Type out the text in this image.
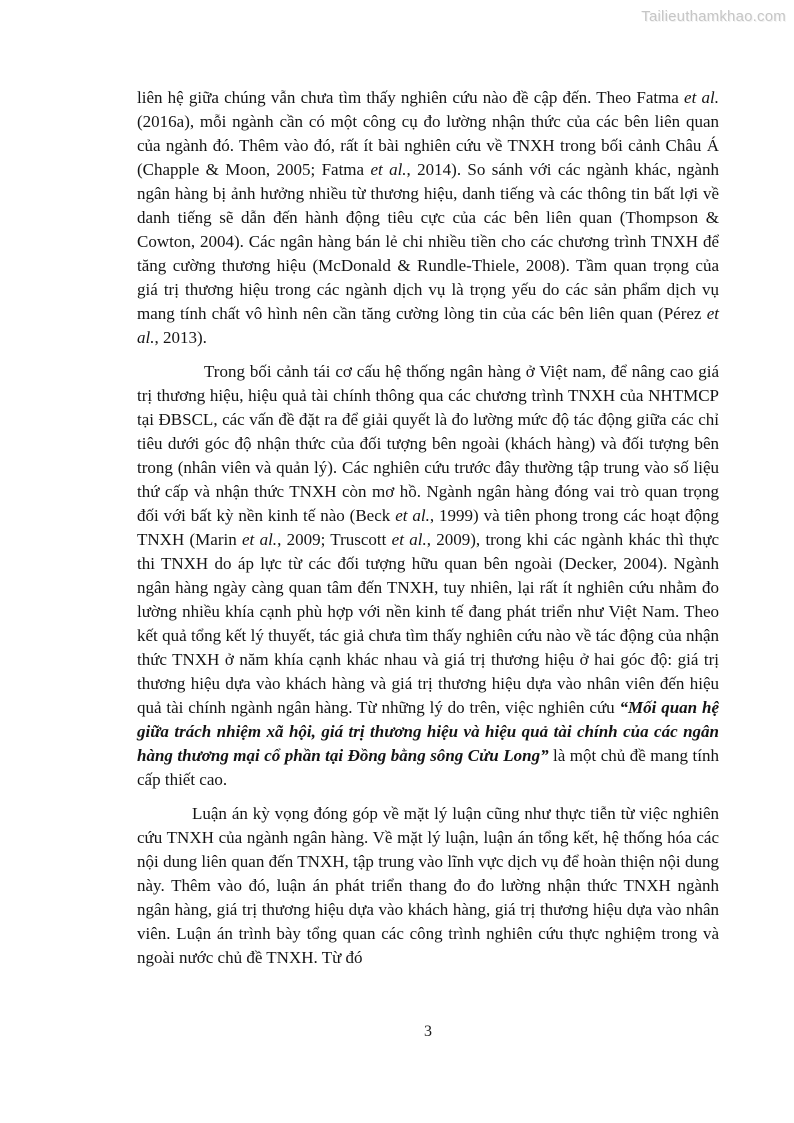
Tailieuthamkhao.com

liên hệ giữa chúng vẫn chưa tìm thấy nghiên cứu nào đề cập đến. Theo Fatma et al. (2016a), mỗi ngành cần có một công cụ đo lường nhận thức của các bên liên quan của ngành đó. Thêm vào đó, rất ít bài nghiên cứu về TNXH trong bối cảnh Châu Á (Chapple & Moon, 2005; Fatma et al., 2014). So sánh với các ngành khác, ngành ngân hàng bị ảnh hưởng nhiều từ thương hiệu, danh tiếng và các thông tin bất lợi về danh tiếng sẽ dẫn đến hành động tiêu cực của các bên liên quan (Thompson & Cowton, 2004). Các ngân hàng bán lẻ chi nhiều tiền cho các chương trình TNXH để tăng cường thương hiệu (McDonald & Rundle-Thiele, 2008). Tầm quan trọng của giá trị thương hiệu trong các ngành dịch vụ là trọng yếu do các sản phẩm dịch vụ mang tính chất vô hình nên cần tăng cường lòng tin của các bên liên quan (Pérez et al., 2013).

Trong bối cảnh tái cơ cấu hệ thống ngân hàng ở Việt nam, để nâng cao giá trị thương hiệu, hiệu quả tài chính thông qua các chương trình TNXH của NHTMCP tại ĐBSCL, các vấn đề đặt ra để giải quyết là đo lường mức độ tác động giữa các chỉ tiêu dưới góc độ nhận thức của đối tượng bên ngoài (khách hàng) và đối tượng bên trong (nhân viên và quản lý). Các nghiên cứu trước đây thường tập trung vào số liệu thứ cấp và nhận thức TNXH còn mơ hồ. Ngành ngân hàng đóng vai trò quan trọng đối với bất kỳ nền kinh tế nào (Beck et al., 1999) và tiên phong trong các hoạt động TNXH (Marin et al., 2009; Truscott et al., 2009), trong khi các ngành khác thì thực thi TNXH do áp lực từ các đối tượng hữu quan bên ngoài (Decker, 2004). Ngành ngân hàng ngày càng quan tâm đến TNXH, tuy nhiên, lại rất ít nghiên cứu nhằm đo lường nhiều khía cạnh phù hợp với nền kinh tế đang phát triển như Việt Nam. Theo kết quả tổng kết lý thuyết, tác giả chưa tìm thấy nghiên cứu nào về tác động của nhận thức TNXH ở năm khía cạnh khác nhau và giá trị thương hiệu ở hai góc độ: giá trị thương hiệu dựa vào khách hàng và giá trị thương hiệu dựa vào nhân viên đến hiệu quả tài chính ngành ngân hàng. Từ những lý do trên, việc nghiên cứu “Mối quan hệ giữa trách nhiệm xã hội, giá trị thương hiệu và hiệu quả tài chính của các ngân hàng thương mại cổ phần tại Đồng bằng sông Cửu Long” là một chủ đề mang tính cấp thiết cao.

Luận án kỳ vọng đóng góp về mặt lý luận cũng như thực tiễn từ việc nghiên cứu TNXH của ngành ngân hàng. Về mặt lý luận, luận án tổng kết, hệ thống hóa các nội dung liên quan đến TNXH, tập trung vào lĩnh vực dịch vụ để hoàn thiện nội dung này. Thêm vào đó, luận án phát triển thang đo đo lường nhận thức TNXH ngành ngân hàng, giá trị thương hiệu dựa vào khách hàng, giá trị thương hiệu dựa vào nhân viên. Luận án trình bày tổng quan các công trình nghiên cứu thực nghiệm trong và ngoài nước chủ đề TNXH. Từ đó

3
